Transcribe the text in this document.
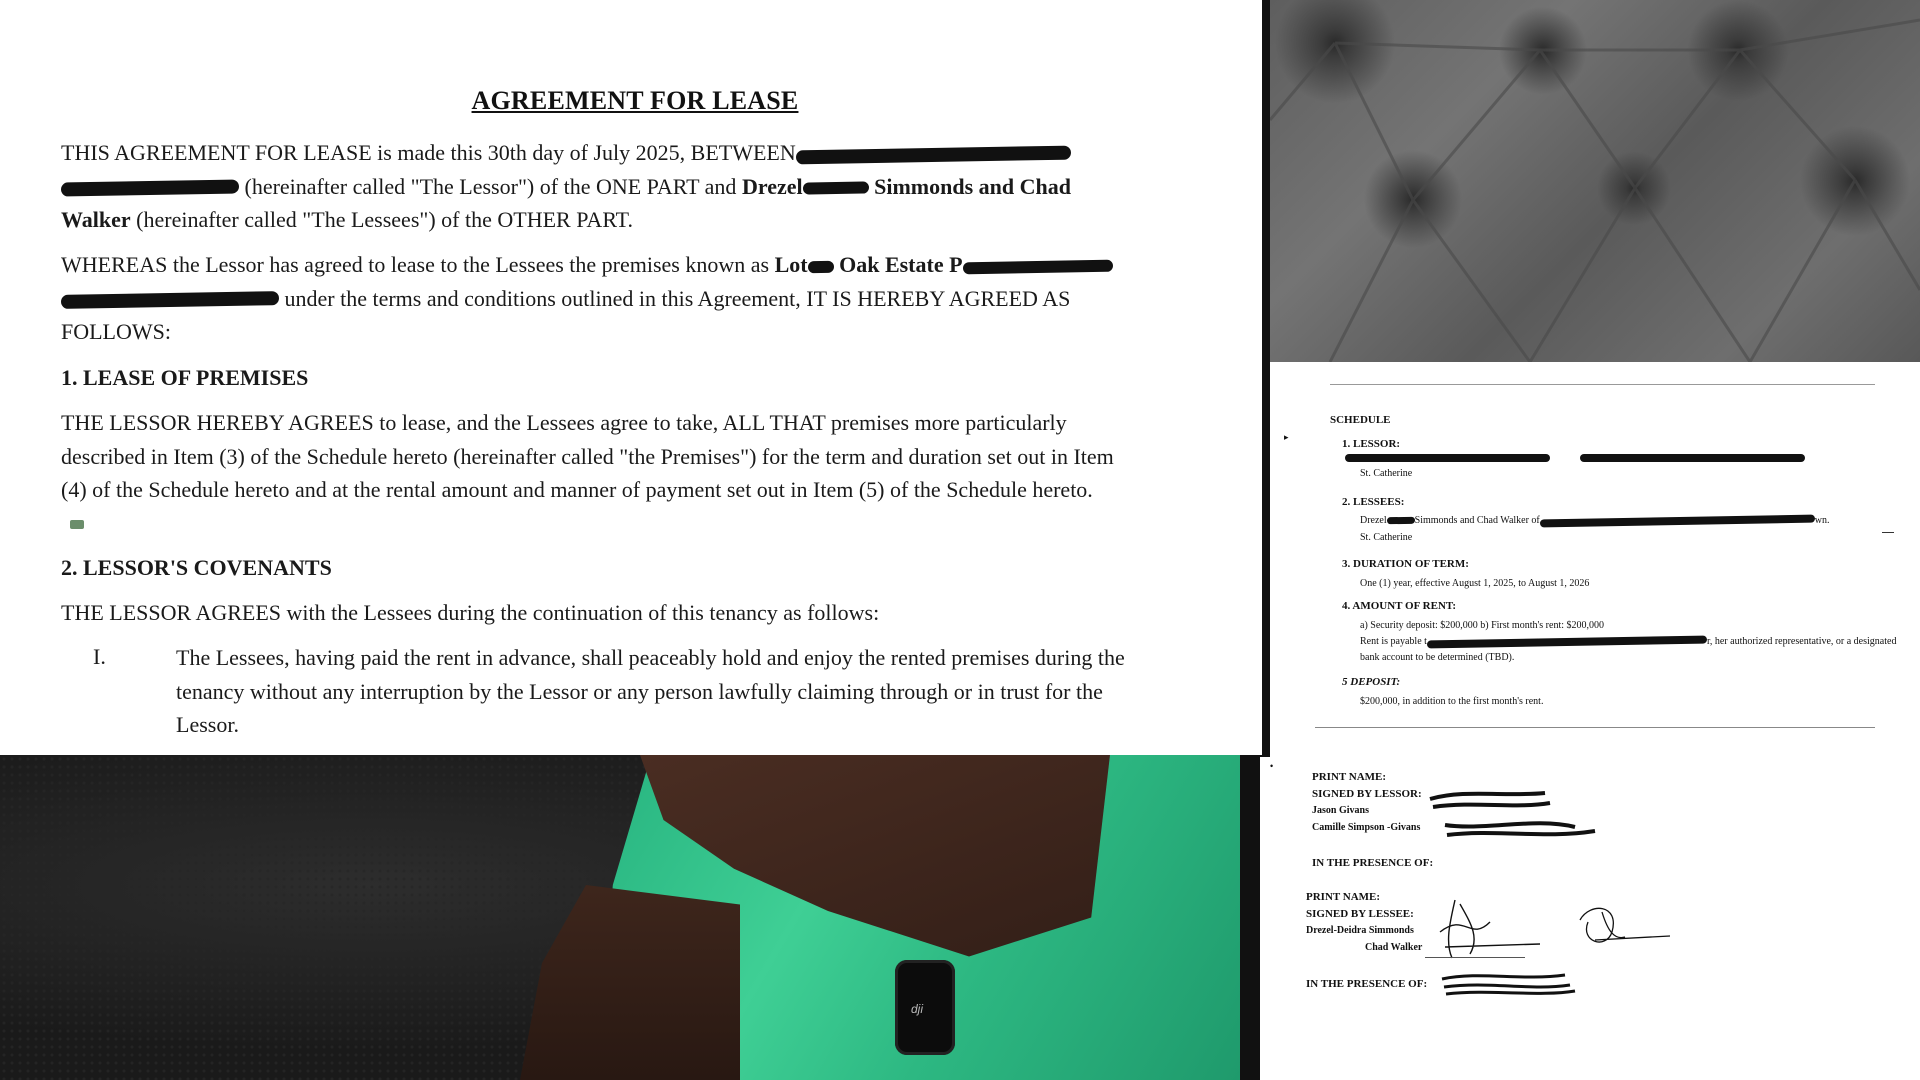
AGREEMENT FOR LEASE
THIS AGREEMENT FOR LEASE is made this 30th day of July 2025, BETWEEN
(hereinafter called "The Lessor") of the ONE PART and Drezel	Simmonds and Chad
Walker (hereinafter called "The Lessees") of the OTHER PART.
WHEREAS the Lessor has agreed to lease to the Lessees the premises known as Lot Oak Estate P
under the terms and conditions outlined in this Agreement, IT IS HEREBY AGREED AS
FOLLOWS:
1. LEASE OF PREMISES
THE LESSOR HEREBY AGREES to lease, and the Lessees agree to take, ALL THAT premises more particularly
described in Item (3) of the Schedule hereto (hereinafter called "the Premises") for the term and duration set out in Item
(4) of the Schedule hereto and at the rental amount and manner of payment set out in Item (5) of the Schedule hereto.
2. LESSOR'S COVENANTS
THE LESSOR AGREES with the Lessees during the continuation of this tenancy as follows:
I.	The Lessees, having paid the rent in advance, shall peaceably hold and enjoy the rented premises during the
tenancy without any interruption by the Lessor or any person lawfully claiming through or in trust for the
Lessor.
SCHEDULE
▸
1. LESSOR:
St. Catherine
2. LESSEES:
Drezel	Simmonds and Chad Walker of	wn.
St. Catherine
3. DURATION OF TERM:
One (1) year, effective August 1, 2025, to August 1, 2026
4. AMOUNT OF RENT:
a) Security deposit: $200,000 b) First month's rent: $200,000
Rent is payable t	r, her authorized representative, or a designated
bank account to be determined (TBD).
5 DEPOSIT:
$200,000, in addition to the first month's rent.
•
PRINT NAME:
SIGNED BY LESSOR:
Jason Givans
Camille Simpson -Givans
IN THE PRESENCE OF:
PRINT NAME:
SIGNED BY LESSEE:
Drezel-Deidra Simmonds
Chad Walker
IN THE PRESENCE OF:
dji
